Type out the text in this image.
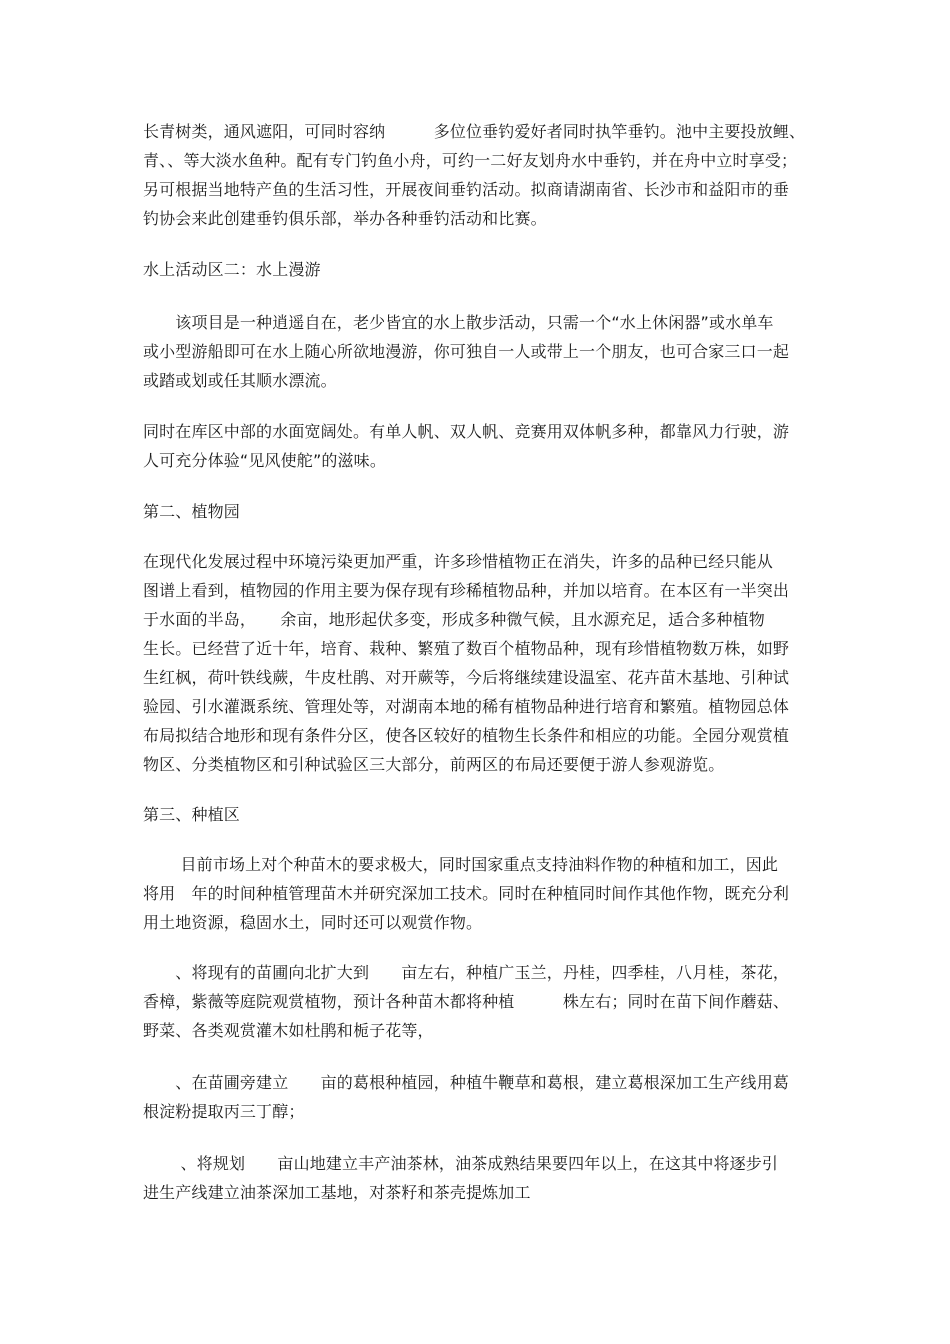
长青树类，通风遮阳，可同时容纳　　　多位位垂钓爱好者同时执竿垂钓。池中主要投放鲤、
青、、等大淡水鱼种。配有专门钓鱼小舟，可约一二好友划舟水中垂钓，并在舟中立时享受；
另可根据当地特产鱼的生活习性，开展夜间垂钓活动。拟商请湖南省、长沙市和益阳市的垂
钓协会来此创建垂钓俱乐部，举办各种垂钓活动和比赛。
水上活动区二：水上漫游
　　该项目是一种逍遥自在，老少皆宜的水上散步活动，只需一个“水上休闲器”或水单车
或小型游船即可在水上随心所欲地漫游，你可独自一人或带上一个朋友，也可合家三口一起
或踏或划或任其顺水漂流。
同时在库区中部的水面宽阔处。有单人帆、双人帆、竞赛用双体帆多种，都靠风力行驶，游
人可充分体验“见风使舵”的滋味。
第二、植物园
在现代化发展过程中环境污染更加严重，许多珍惜植物正在消失，许多的品种已经只能从
图谱上看到，植物园的作用主要为保存现有珍稀植物品种，并加以培育。在本区有一半突出
于水面的半岛，　　余亩，地形起伏多变，形成多种微气候，且水源充足，适合多种植物
生长。已经营了近十年，培育、栽种、繁殖了数百个植物品种，现有珍惜植物数万株，如野
生红枫，荷叶铁线蕨，牛皮杜鹃、对开蕨等，今后将继续建设温室、花卉苗木基地、引种试
验园、引水灌溉系统、管理处等，对湖南本地的稀有植物品种进行培育和繁殖。植物园总体
布局拟结合地形和现有条件分区，使各区较好的植物生长条件和相应的功能。全园分观赏植
物区、分类植物区和引种试验区三大部分，前两区的布局还要便于游人参观游览。
第三、种植区
　　 目前市场上对个种苗木的要求极大，同时国家重点支持油料作物的种植和加工，因此
将用　年的时间种植管理苗木并研究深加工技术。同时在种植同时间作其他作物，既充分利
用土地资源，稳固水土，同时还可以观赏作物。
　　、将现有的苗圃向北扩大到　　亩左右，种植广玉兰，丹桂，四季桂，八月桂，茶花，
香樟，紫薇等庭院观赏植物，预计各种苗木都将种植　　　株左右；同时在苗下间作蘑菇、
野菜、各类观赏灌木如杜鹃和栀子花等，
　　、在苗圃旁建立　　亩的葛根种植园，种植牛鞭草和葛根，建立葛根深加工生产线用葛
根淀粉提取丙三丁醇；
　　 、将规划　　亩山地建立丰产油茶林，油茶成熟结果要四年以上，在这其中将逐步引
进生产线建立油茶深加工基地，对茶籽和茶壳提炼加工
